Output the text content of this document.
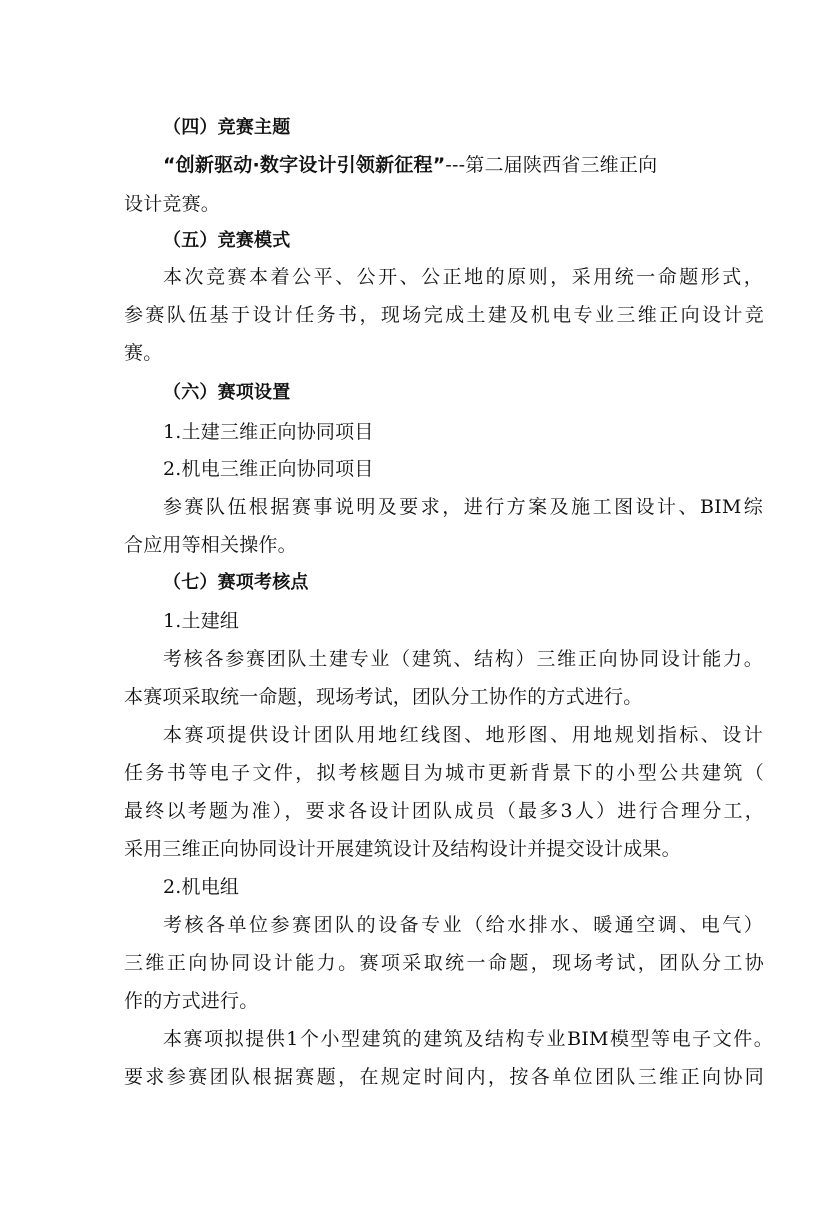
（四）竞赛主题
“创新驱动·数字设计引领新征程”---第二届陕西省三维正向
设计竞赛。
（五）竞赛模式
本次竞赛本着公平、公开、公正地的原则，采用统一命题形式，
参赛队伍基于设计任务书，现场完成土建及机电专业三维正向设计竞
赛。
（六）赛项设置
1.土建三维正向协同项目
2.机电三维正向协同项目
参赛队伍根据赛事说明及要求，进行方案及施工图设计、BIM综
合应用等相关操作。
（七）赛项考核点
1.土建组
考核各参赛团队土建专业（建筑、结构）三维正向协同设计能力。
本赛项采取统一命题，现场考试，团队分工协作的方式进行。
本赛项提供设计团队用地红线图、地形图、用地规划指标、设计
任务书等电子文件，拟考核题目为城市更新背景下的小型公共建筑（
最终以考题为准），要求各设计团队成员（最多3人）进行合理分工，
采用三维正向协同设计开展建筑设计及结构设计并提交设计成果。
2.机电组
考核各单位参赛团队的设备专业（给水排水、暖通空调、电气）
三维正向协同设计能力。赛项采取统一命题，现场考试，团队分工协
作的方式进行。
本赛项拟提供1个小型建筑的建筑及结构专业BIM模型等电子文件。
要求参赛团队根据赛题，在规定时间内，按各单位团队三维正向协同
